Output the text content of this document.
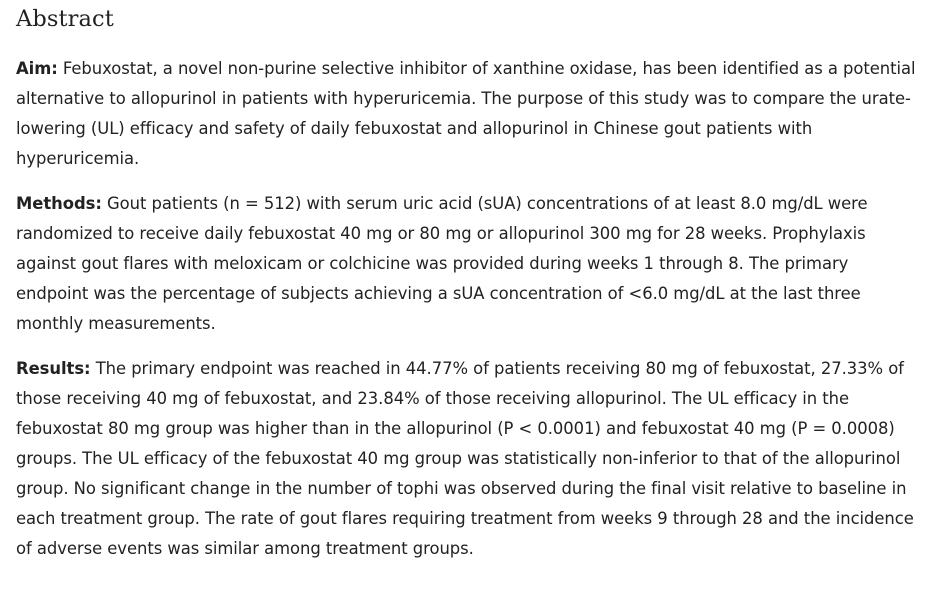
Abstract

Aim: Febuxostat, a novel non-purine selective inhibitor of xanthine oxidase, has been identified as a potential alternative to allopurinol in patients with hyperuricemia. The purpose of this study was to compare the urate-lowering (UL) efficacy and safety of daily febuxostat and allopurinol in Chinese gout patients with hyperuricemia.

Methods: Gout patients (n = 512) with serum uric acid (sUA) concentrations of at least 8.0 mg/dL were randomized to receive daily febuxostat 40 mg or 80 mg or allopurinol 300 mg for 28 weeks. Prophylaxis against gout flares with meloxicam or colchicine was provided during weeks 1 through 8. The primary endpoint was the percentage of subjects achieving a sUA concentration of <6.0 mg/dL at the last three monthly measurements.

Results: The primary endpoint was reached in 44.77% of patients receiving 80 mg of febuxostat, 27.33% of those receiving 40 mg of febuxostat, and 23.84% of those receiving allopurinol. The UL efficacy in the febuxostat 80 mg group was higher than in the allopurinol (P < 0.0001) and febuxostat 40 mg (P = 0.0008) groups. The UL efficacy of the febuxostat 40 mg group was statistically non-inferior to that of the allopurinol group. No significant change in the number of tophi was observed during the final visit relative to baseline in each treatment group. The rate of gout flares requiring treatment from weeks 9 through 28 and the incidence of adverse events was similar among treatment groups.
